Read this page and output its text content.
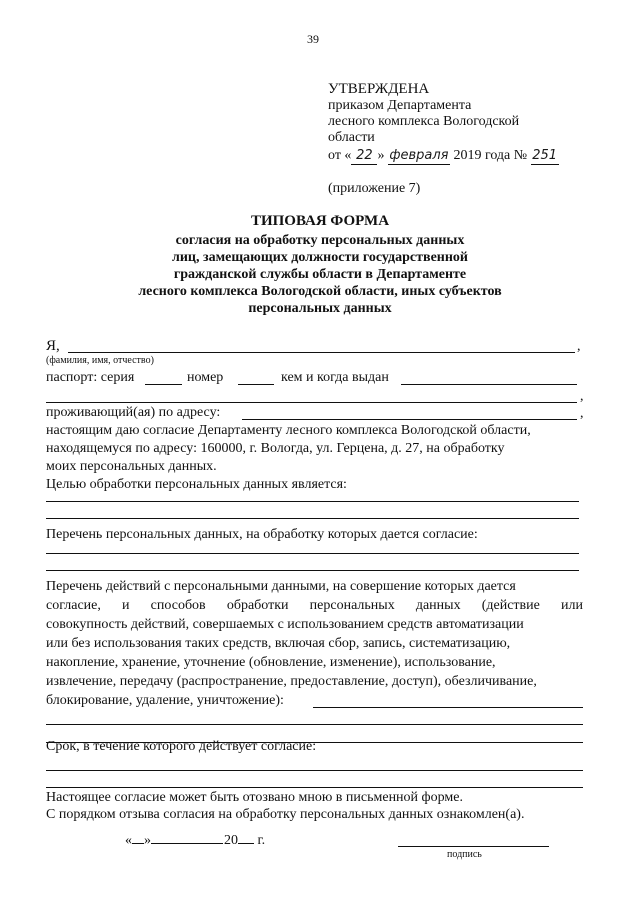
39
УТВЕРЖДЕНА
приказом Департамента
лесного комплекса Вологодской
области
от « 22 » февраля 2019 года № 251
(приложение 7)
ТИПОВАЯ ФОРМА
согласия на обработку персональных данных
лиц, замещающих должности государственной
гражданской службы области в Департаменте
лесного комплекса Вологодской области, иных субъектов
персональных данных
Я,	,
(фамилия, имя, отчество)
паспорт: серия	номер	кем и когда выдан
,
проживающий(ая) по адресу:	,
настоящим даю согласие Департаменту лесного комплекса Вологодской области,
находящемуся по адресу: 160000, г. Вологда, ул. Герцена, д. 27, на обработку
моих персональных данных.
Целью обработки персональных данных является:
Перечень персональных данных, на обработку которых дается согласие:
Перечень действий с персональными данными, на совершение которых дается
согласие, и способов обработки персональных данных (действие или
совокупность действий, совершаемых с использованием средств автоматизации
или без использования таких средств, включая сбор, запись, систематизацию,
накопление, хранение, уточнение (обновление, изменение), использование,
извлечение, передачу (распространение, предоставление, доступ), обезличивание,
блокирование, удаление, уничтожение):
Срок, в течение которого действует согласие:
Настоящее согласие может быть отозвано мною в письменной форме.
С порядком отзыва согласия на обработку персональных данных ознакомлен(а).
« »	20 г.
подпись
